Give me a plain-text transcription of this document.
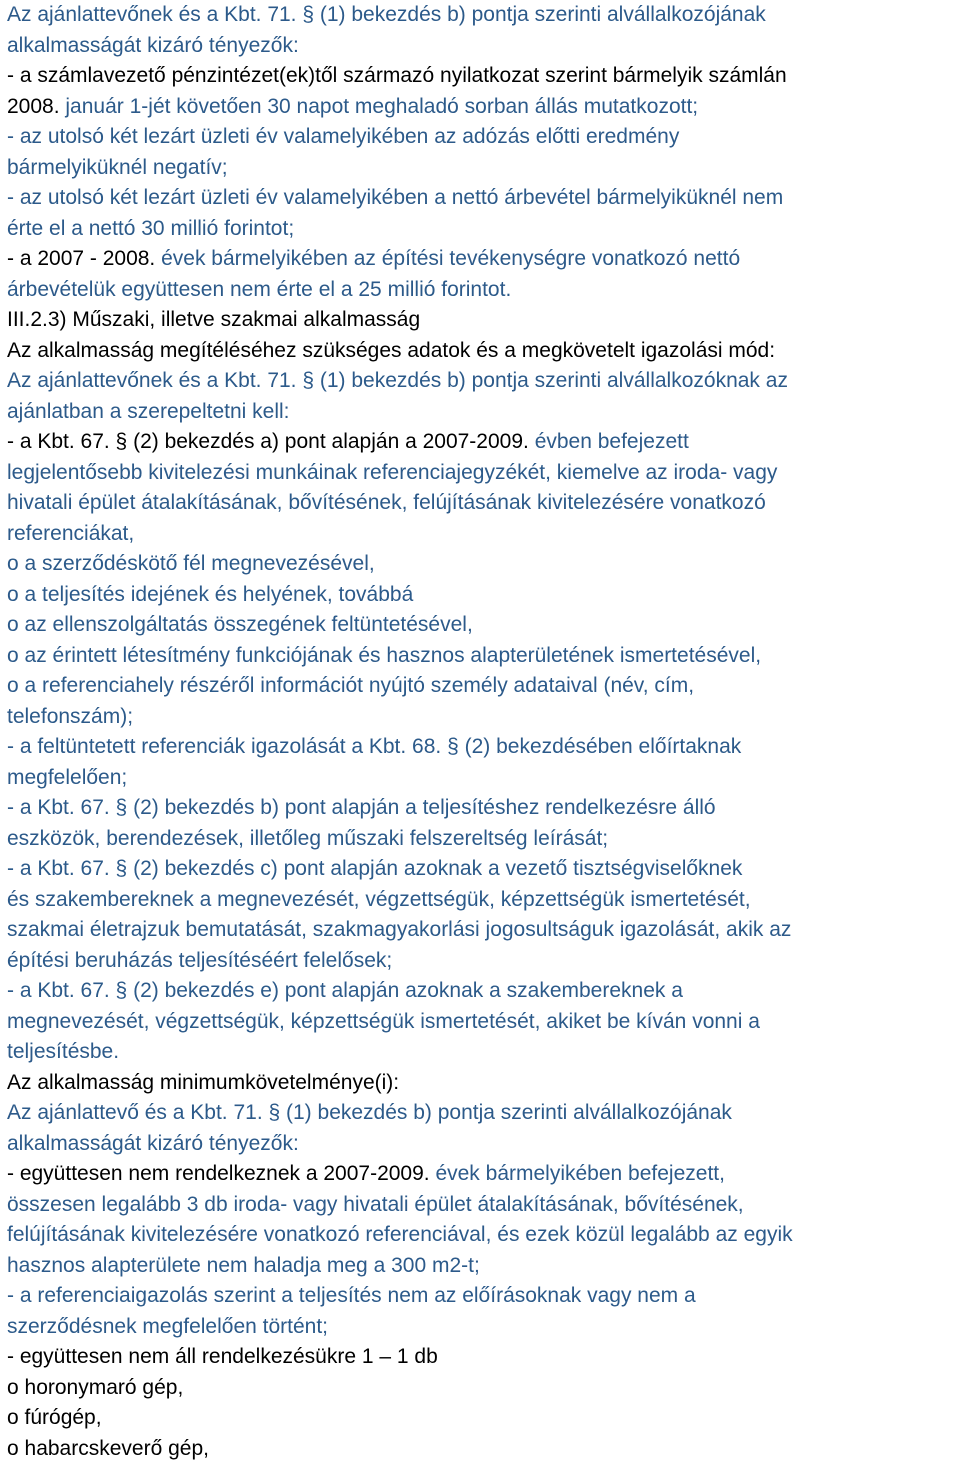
Az ajánlattevőnek és a Kbt. 71. § (1) bekezdés b) pontja szerinti alvállalkozójának
alkalmasságát kizáró tényezők:
- a számlavezető pénzintézet(ek)től származó nyilatkozat szerint bármelyik számlán
2008. január 1-jét követően 30 napot meghaladó sorban állás mutatkozott;
- az utolsó két lezárt üzleti év valamelyikében az adózás előtti eredmény
bármelyiküknél negatív;
- az utolsó két lezárt üzleti év valamelyikében a nettó árbevétel bármelyiküknél nem
érte el a nettó 30 millió forintot;
- a 2007 - 2008. évek bármelyikében az építési tevékenységre vonatkozó nettó
árbevételük együttesen nem érte el a 25 millió forintot.
III.2.3) Műszaki, illetve szakmai alkalmasság
Az alkalmasság megítéléséhez szükséges adatok és a megkövetelt igazolási mód:
Az ajánlattevőnek és a Kbt. 71. § (1) bekezdés b) pontja szerinti alvállalkozóknak az
ajánlatban a szerepeltetni kell:
- a Kbt. 67. § (2) bekezdés a) pont alapján a 2007-2009. évben befejezett
legjelentősebb kivitelezési munkáinak referenciajegyzékét, kiemelve az iroda- vagy
hivatali épület átalakításának, bővítésének, felújításának kivitelezésére vonatkozó
referenciákat,
o a szerződéskötő fél megnevezésével,
o a teljesítés idejének és helyének, továbbá
o az ellenszolgáltatás összegének feltüntetésével,
o az érintett létesítmény funkciójának és hasznos alapterületének ismertetésével,
o a referenciahely részéről információt nyújtó személy adataival (név, cím,
telefonszám);
- a feltüntetett referenciák igazolását a Kbt. 68. § (2) bekezdésében előírtaknak
megfelelően;
- a Kbt. 67. § (2) bekezdés b) pont alapján a teljesítéshez rendelkezésre álló
eszközök, berendezések, illetőleg műszaki felszereltség leírását;
- a Kbt. 67. § (2) bekezdés c) pont alapján azoknak a vezető tisztségviselőknek
és szakembereknek a megnevezését, végzettségük, képzettségük ismertetését,
szakmai életrajzuk bemutatását, szakmagyakorlási jogosultságuk igazolását, akik az
építési beruházás teljesítéséért felelősek;
- a Kbt. 67. § (2) bekezdés e) pont alapján azoknak a szakembereknek a
megnevezését, végzettségük, képzettségük ismertetését, akiket be kíván vonni a
teljesítésbe.
Az alkalmasság minimumkövetelménye(i):
Az ajánlattevő és a Kbt. 71. § (1) bekezdés b) pontja szerinti alvállalkozójának
alkalmasságát kizáró tényezők:
- együttesen nem rendelkeznek a 2007-2009. évek bármelyikében befejezett,
összesen legalább 3 db iroda- vagy hivatali épület átalakításának, bővítésének,
felújításának kivitelezésére vonatkozó referenciával, és ezek közül legalább az egyik
hasznos alapterülete nem haladja meg a 300 m2-t;
- a referenciaigazolás szerint a teljesítés nem az előírásoknak vagy nem a
szerződésnek megfelelően történt;
- együttesen nem áll rendelkezésükre 1 – 1 db
o horonymaró gép,
o fúrógép,
o habarcskeverő gép,
